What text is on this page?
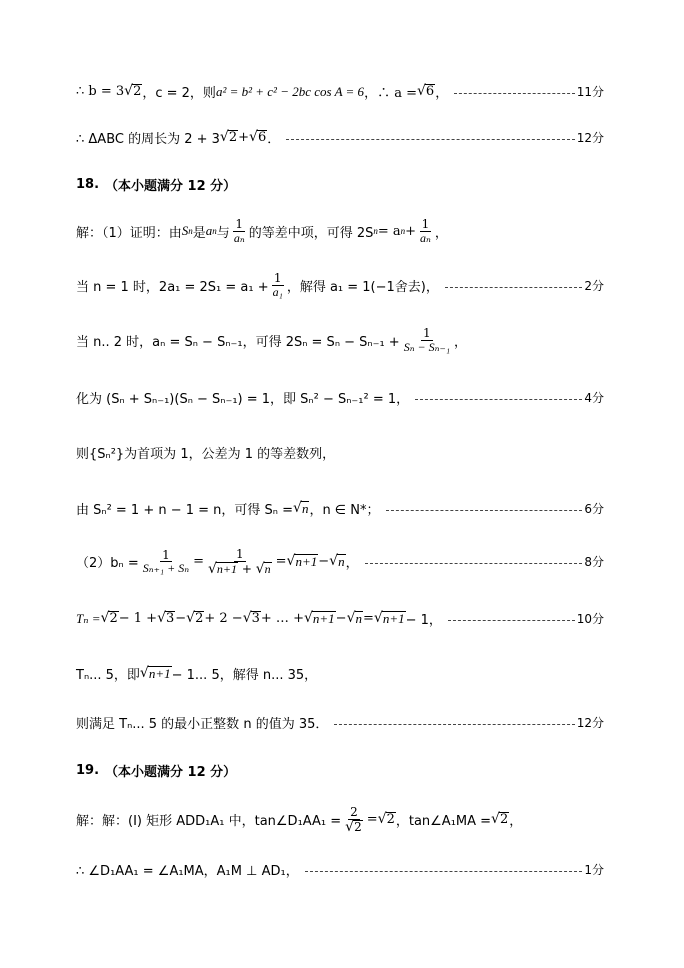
∴ b = 3 √ 2 ，c = 2，则 a² = b² + c² − 2bc cos A = 6 ，∴ a = √ 6 ，	11分
∴ ΔABC 的周长为 2 + 3 √ 2 + √ 6 ．	12分
18. （本小题满分 12 分）
解：（1）证明：由 S n 是 a n 与 $\frac{1}{\text{aₙ}}$ 的等差中项，可得 2S n = a $n + \frac{1}{\text{aₙ}}$ ，
当 n = 1 时，$2a_1 = 2S_1 = a_1 + \frac{1}{\text{a₁}}$ ，解得 a₁ = 1(−1舍去)，	2分
当 n.. 2 时，aₙ = Sₙ − Sₙ₋₁，可得 $2S_n = S_n - S_{n-1} + \frac{1}{\text{Sₙ − Sₙ₋₁}}$ ，
化为 (Sₙ + Sₙ₋₁)(Sₙ − Sₙ₋₁) = 1，即 Sₙ² − Sₙ₋₁² = 1，	4分
则{Sₙ²}为首项为 1，公差为 1 的等差数列，
由 Sₙ² = 1 + n − 1 = n，可得 Sₙ = √ n ，n ∈ N*；	6分
$(2)b_n = \frac{1}{\text{Sₙ₊₁ + Sₙ}} = \frac{1}{√ n+1 + √ n}$ = √ n+1 − √ n ，	8分
Tₙ = √ 2 − 1 + √ 3 − √ 2 + 2 − √ 3 + … + √ n+1 − √ n = √ n+1 − 1，	10分
Tₙ... 5，即 √ n+1 − 1... 5，解得 n... 35，
则满足 Tₙ... 5 的最小正整数 n 的值为 35．	12分
19. （本小题满分 12 分）
解：解：(I) 矩形 ADD₁A₁ 中，tan∠D₁AA₁ = $\frac{2}{√ 2}$ = √ 2 ，tan∠A₁MA = √ 2 ，
∴ ∠D₁AA₁ = ∠A₁MA，A₁M ⊥ AD₁，	1分
